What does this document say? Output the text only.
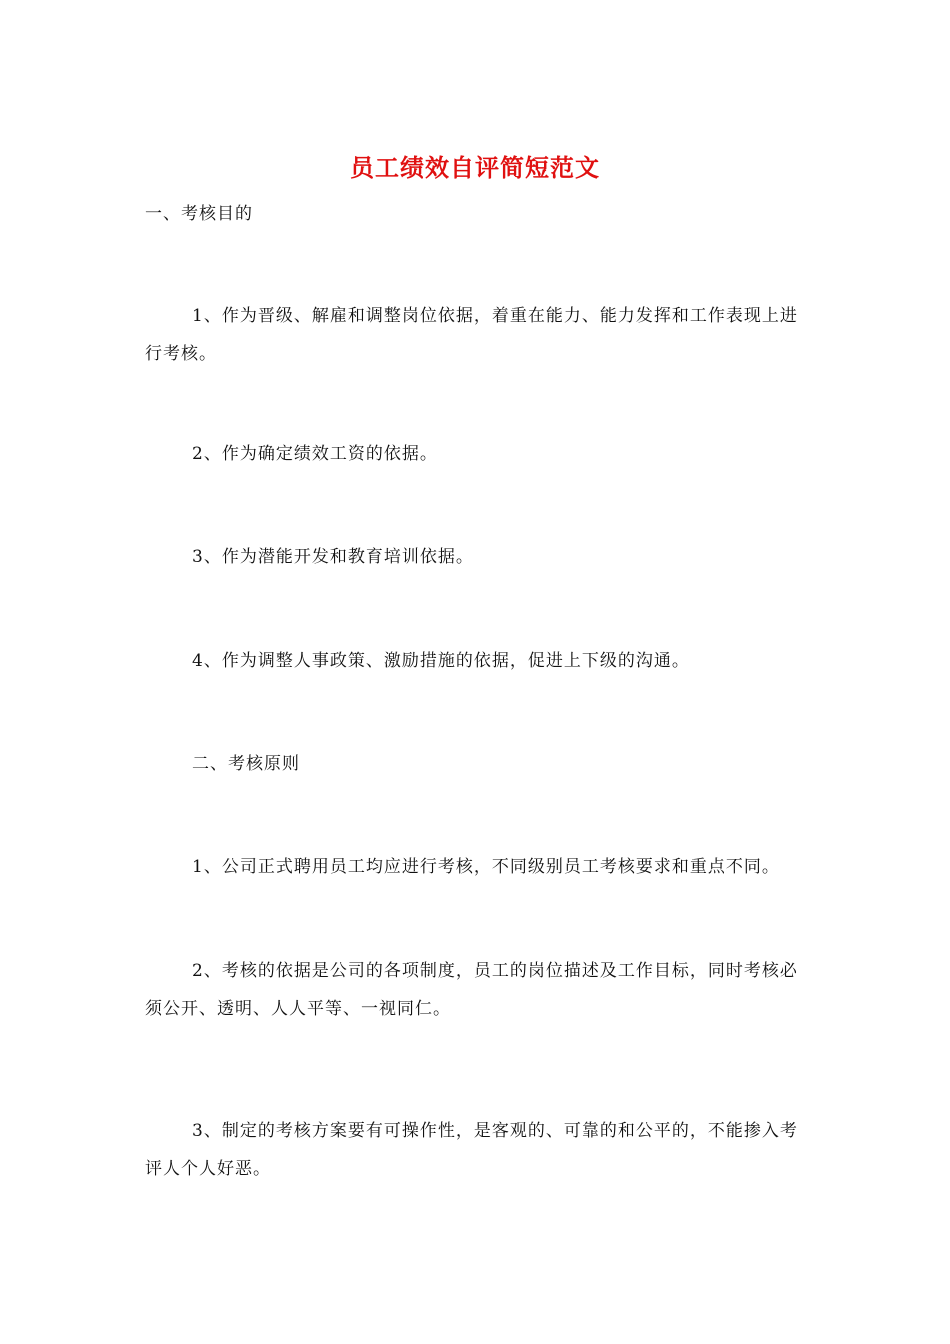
员工绩效自评简短范文
一、考核目的
1、作为晋级、解雇和调整岗位依据，着重在能力、能力发挥和工作表现上进行考核。
2、作为确定绩效工资的依据。
3、作为潜能开发和教育培训依据。
4、作为调整人事政策、激励措施的依据，促进上下级的沟通。
二、考核原则
1、公司正式聘用员工均应进行考核，不同级别员工考核要求和重点不同。
2、考核的依据是公司的各项制度，员工的岗位描述及工作目标，同时考核必须公开、透明、人人平等、一视同仁。
3、制定的考核方案要有可操作性，是客观的、可靠的和公平的，不能掺入考评人个人好恶。
